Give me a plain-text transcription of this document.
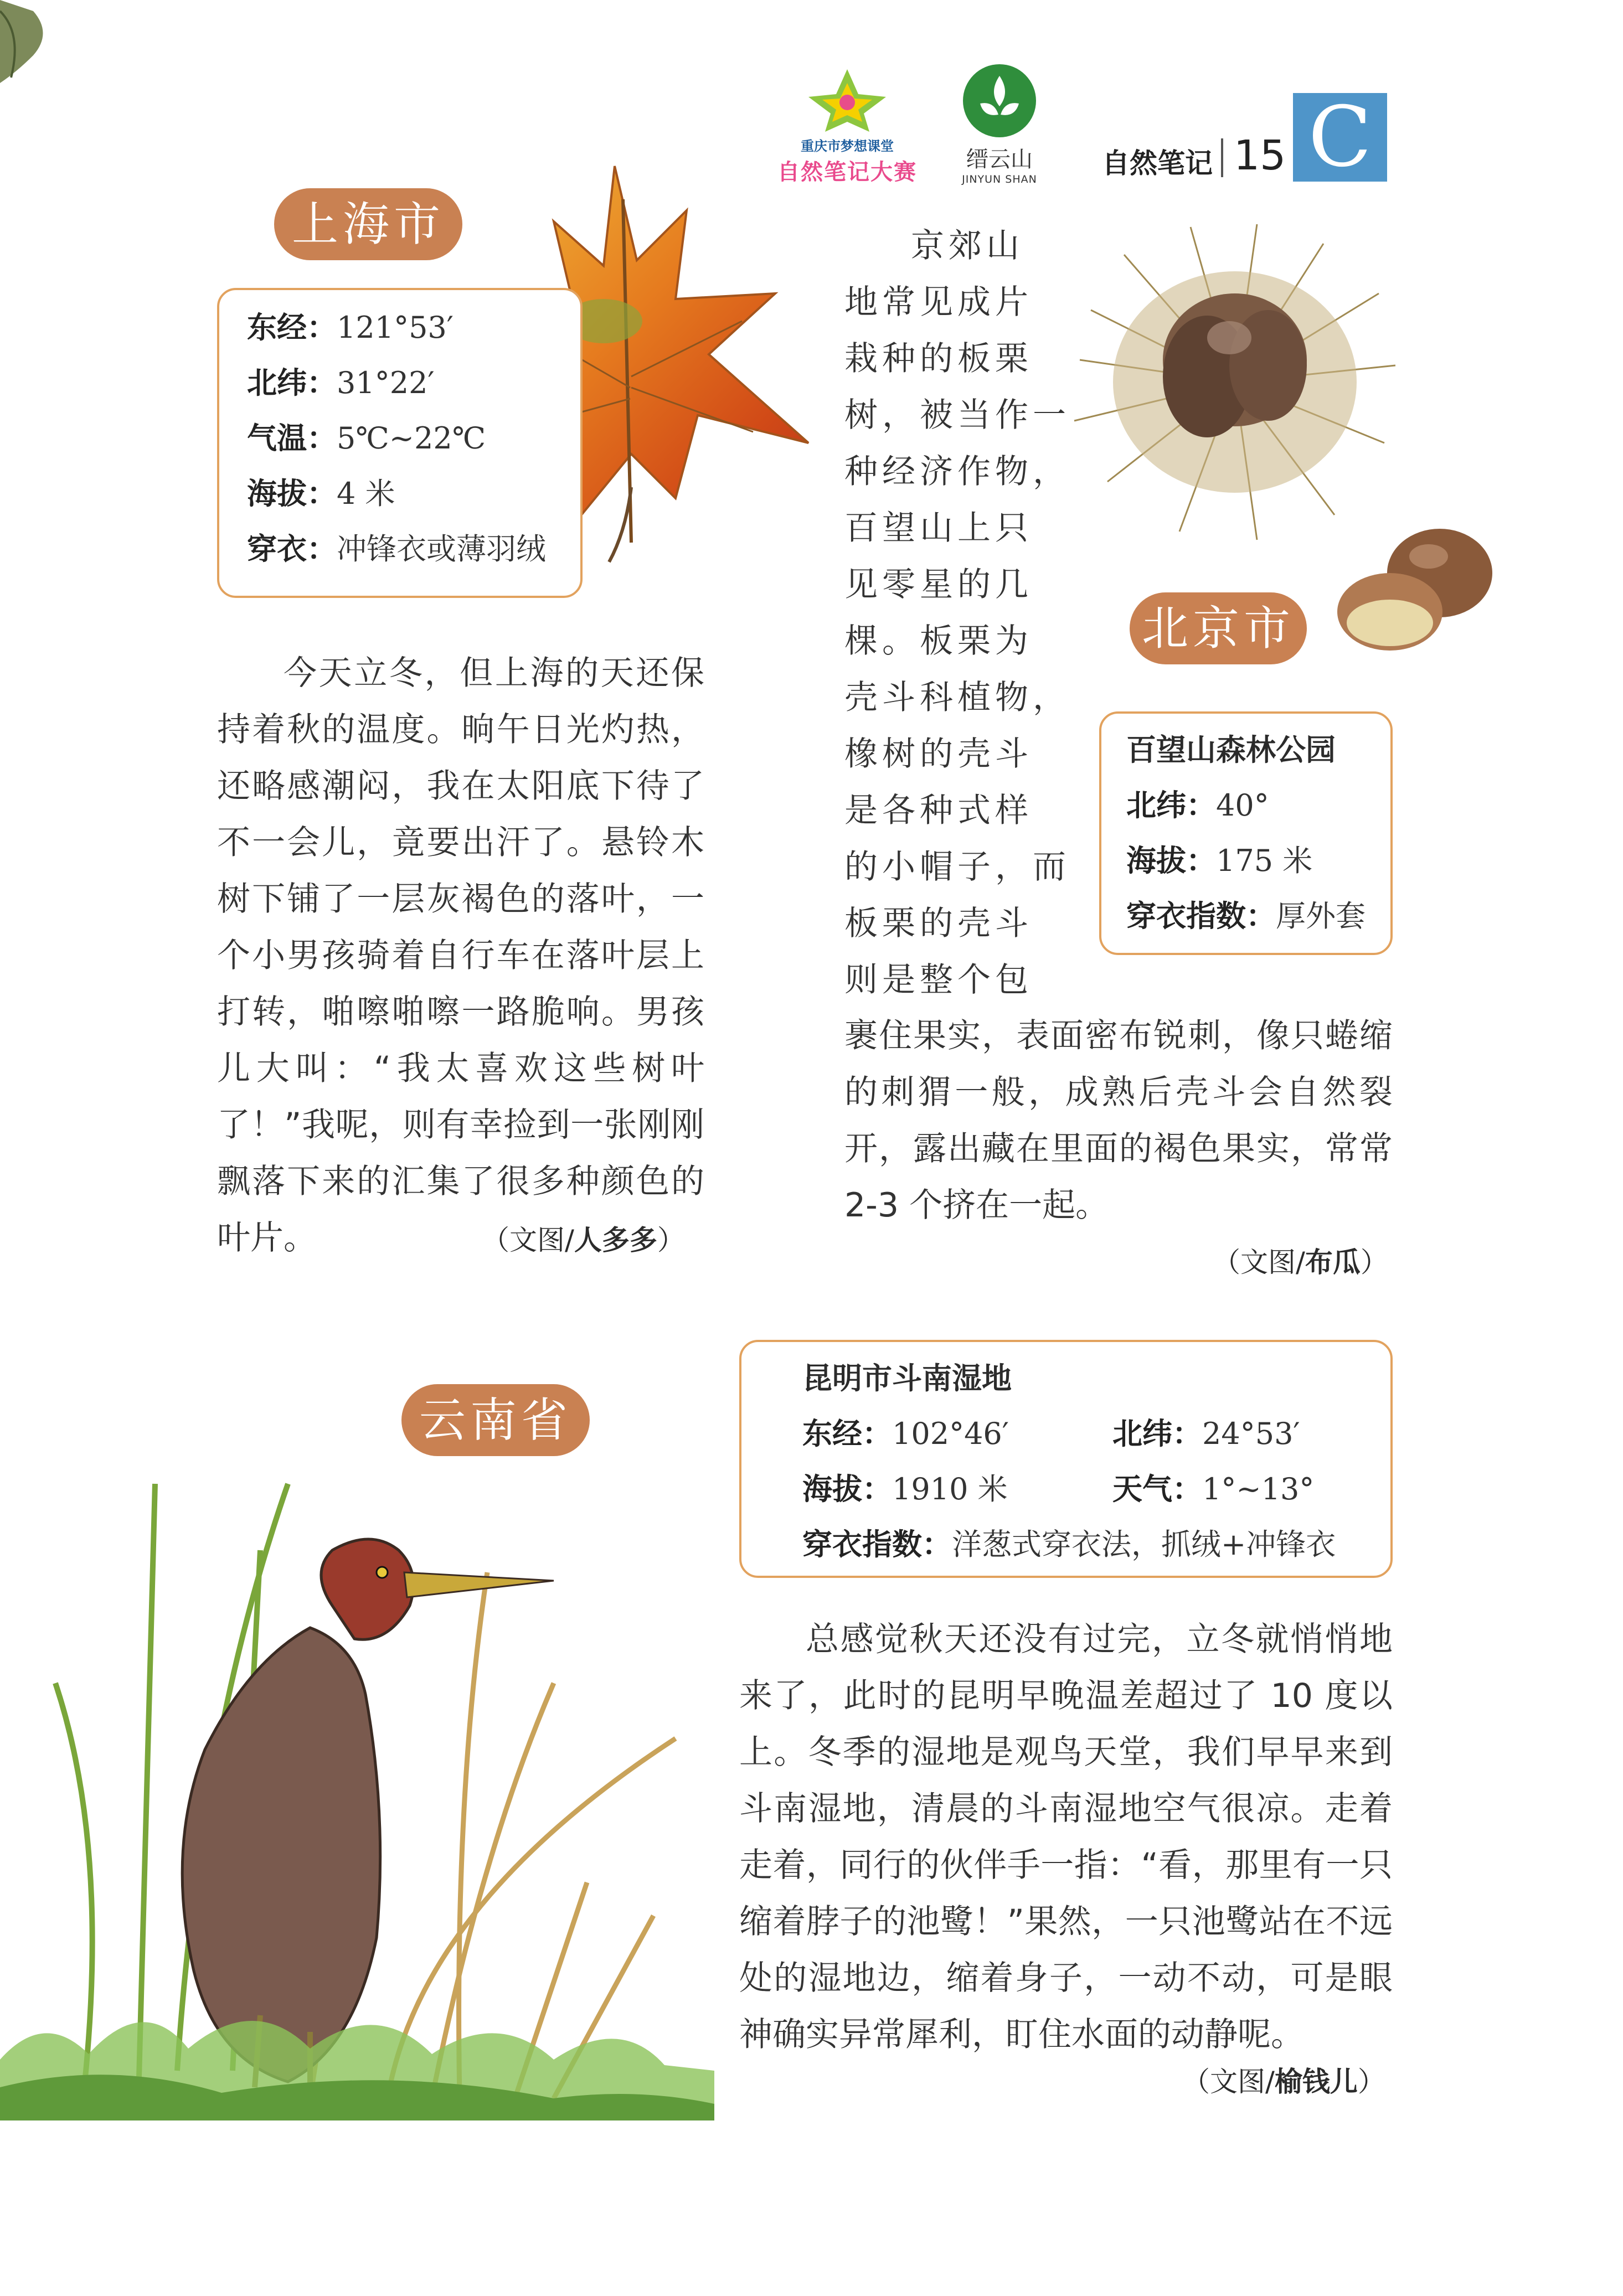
重庆市梦想课堂
自然笔记大赛	缙云山
JINYUN SHAN 自然笔记 15 C
上海市
东经：121°53′
北纬：31°22′
气温：5℃~22℃
海拔：4 米
穿衣：冲锋衣或薄羽绒

今天立冬，但上海的天还保持着秋的温度。晌午日光灼热，还略感潮闷，我在太阳底下待了不一会儿，竟要出汗了。悬铃木树下铺了一层灰褐色的落叶，一个小男孩骑着自行车在落叶层上打转，啪嚓啪嚓一路脆响。男孩儿大叫：“我太喜欢这些树叶了！”我呢，则有幸捡到一张刚刚飘落下来的汇集了很多种颜色的叶片。	（文图/人多多）
京郊山
地常见成片
栽种的板栗
树，被当作一
种经济作物，
百望山上只
见零星的几
棵。板栗为
壳斗科植物，
橡树的壳斗
是各种式样
的小帽子，而
板栗的壳斗
则是整个包
裹住果实，表面密布锐刺，像只蜷缩的刺猬一般，成熟后壳斗会自然裂开，露出藏在里面的褐色果实，常常 2-3 个挤在一起。
北京市
百望山森林公园
北纬：40°
海拔：175 米
穿衣指数：厚外套
（文图/布瓜）
云南省
昆明市斗南湿地
东经：102°46′	北纬：24°53′
海拔：1910 米	天气：1°~13°
穿衣指数：洋葱式穿衣法，抓绒+冲锋衣

总感觉秋天还没有过完，立冬就悄悄地来了，此时的昆明早晚温差超过了 10 度以上。冬季的湿地是观鸟天堂，我们早早来到斗南湿地，清晨的斗南湿地空气很凉。走着走着，同行的伙伴手一指：“看，那里有一只缩着脖子的池鹭！”果然，一只池鹭站在不远处的湿地边，缩着身子，一动不动，可是眼神确实异常犀利，盯住水面的动静呢。

（文图/榆钱儿）
